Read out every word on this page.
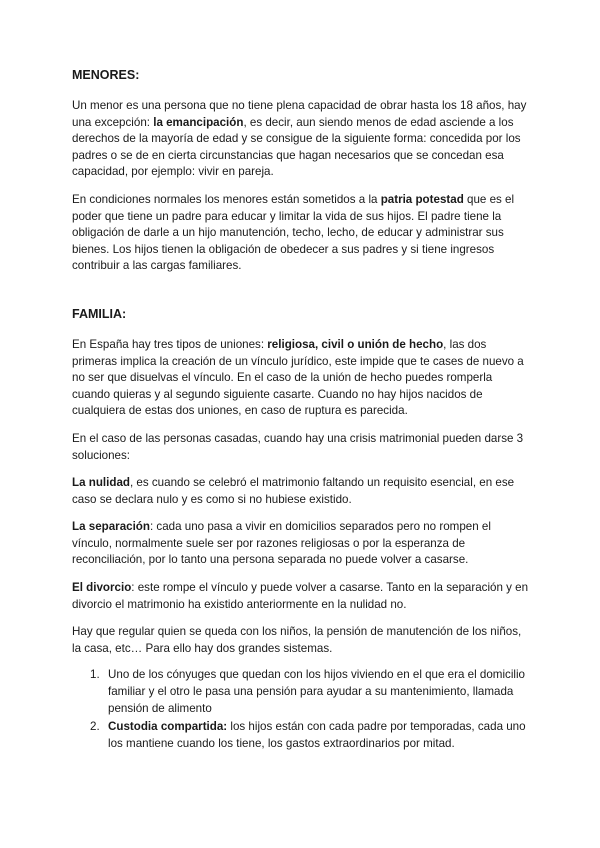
MENORES:

Un menor es una persona que no tiene plena capacidad de obrar hasta los 18 años, hay una excepción: la emancipación, es decir, aun siendo menos de edad asciende a los derechos de la mayoría de edad y se consigue de la siguiente forma: concedida por los padres o se de en cierta circunstancias que hagan necesarios que se concedan esa capacidad, por ejemplo: vivir en pareja.

En condiciones normales los menores están sometidos a la patria potestad que es el poder que tiene un padre para educar y limitar la vida de sus hijos. El padre tiene la obligación de darle a un hijo manutención, techo, lecho, de educar y administrar sus bienes. Los hijos tienen la obligación de obedecer a sus padres y si tiene ingresos contribuir a las cargas familiares.

FAMILIA:

En España hay tres tipos de uniones: religiosa, civil o unión de hecho, las dos primeras implica la creación de un vínculo jurídico, este impide que te cases de nuevo a no ser que disuelvas el vínculo. En el caso de la unión de hecho puedes romperla cuando quieras y al segundo siguiente casarte. Cuando no hay hijos nacidos de cualquiera de estas dos uniones, en caso de ruptura es parecida.

En el caso de las personas casadas, cuando hay una crisis matrimonial pueden darse 3 soluciones:

La nulidad, es cuando se celebró el matrimonio faltando un requisito esencial, en ese caso se declara nulo y es como si no hubiese existido.

La separación: cada uno pasa a vivir en domicilios separados pero no rompen el vínculo, normalmente suele ser por razones religiosas o por la esperanza de reconciliación, por lo tanto una persona separada no puede volver a casarse.

El divorcio: este rompe el vínculo y puede volver a casarse. Tanto en la separación y en divorcio el matrimonio ha existido anteriormente en la nulidad no.

Hay que regular quien se queda con los niños, la pensión de manutención de los niños, la casa, etc… Para ello hay dos grandes sistemas.

1. Uno de los cónyuges que quedan con los hijos viviendo en el que era el domicilio familiar y el otro le pasa una pensión para ayudar a su mantenimiento, llamada pensión de alimento
2. Custodia compartida: los hijos están con cada padre por temporadas, cada uno los mantiene cuando los tiene, los gastos extraordinarios por mitad.
